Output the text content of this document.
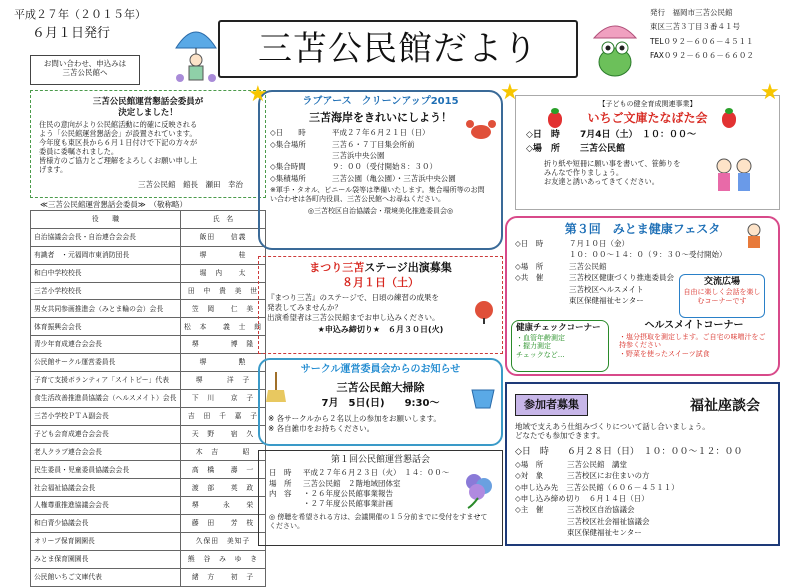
平成２７年（２０１５年）
６月１日発行
お問い合わせ、申込みは
三苫公民館へ
三苫公民館だより
発行　福岡市三苫公民館
東区三苫３丁目３番４１号
TEL０９２－６０６－４５１１
FAX０９２－６０６－６６０２
三苫公民館運営懇話会委員が
決定しました！

住民の意向がより公民館活動に的確に反映される

よう「公民館運営懇話会」が設置されています。

今年度も東区長から６月１日付けで下記の方々が

委員に委嘱されました。

皆様方のご協力とご理解をよろしくお願い申し上

げます。

三苫公民館　館長　瀬田　幸治
≪三苫公民館運営懇話会委員≫　（敬称略）
役　　職	氏　名
自治協議会会長・自治連合会会長	飯田　　信義
有識者　・元福岡市東消防団長	堺　　　　桂
和白中学校校長	堀　内　　太
三苫小学校校長	田　中　貴　美　世
男女共同参画推進会（みとま輪の会）会長	笠　岡　　仁　美
体育振興会会長	松　本　　義　士　朗
青少年育成連合会会長	堺　　　　博　隆
公民館サークル運営委員長	堺　　　　勲
子育て支援ボランティア「スイトピー」代表	堺　　　洋　子
食生活改善推進員協議会（ヘルスメイト）会長	下　川　　京　子
三苫小学校ＰＴＡ副会長	吉　田　千　嘉　子
子ども会育成連合会会長	天　野　　宿　久
老人クラブ連合会会長	木　吉　　　昭
民生委員・児童委員協議会会長	高　橋　　壽　一
社会福祉協議会会長	渡　部　　英　政
人権尊重推進協議会会長	堺　　　永　　栄
和白青少協議会長	藤　田　　芳　枝
オリーブ保育園園長	久保田　美知子
みとま保育園園長	熊　谷　み　ゆ　き
公民館いちご文庫代表	緒　方　　初　子
ラブアース　クリーンアップ2015
三苫海岸をきれいにしよう！
◇日　　時	平成２７年６月２１日（日）
◇集合場所	三苫６・７丁目集会所前
三苫浜中央公園
◇集合時間	９：００（受付開始８：３０）
◇集積場所	三苫公園（亀公園）・三苫浜中央公園
※軍手・タオル、ビニール袋等は準備いたします。集合場所等のお問い合わせは各町内役員、三苫公民館へお尋ねください。
◎三苫校区自治協議会・環境美化推進委員会◎
★
まつり三苫ステージ出演募集
８月１日（土）

『まつり三苫』のステージで、日頃の練習の成果を

発表してみませんか？

出演希望者は三苫公民館までお申し込みください。

★申込み締切り★　６月３０日(火)
サークル運営委員会からのお知らせ
三苫公民館大掃除
7月　5日(日)　　9:30～

※ 各サークルから２名以上の参加をお願いします。

※ 各自雑巾をお持ちください。

第１回公民館運営懇話会
日　時	平成２７年６月２３日（火）　１４：００～
場　所	三苫公民館　２階地域団体室
内　容	・２６年度公民館事業報告
・２７年度公民館事業計画
◎ 傍聴を希望される方は、会議開催の１５分前までに受付をすませてください。
【子どもの健全育成関連事業】
いちご文庫たなばた会
◇日　時	7月4日（土）　１０：００～
◇場　所	三苫公民館

折り紙や短冊に願い事を書いて、笹飾りを

みんなで作りましょう。

お友達と誘いあってきてください。

★	★
第３回　みとま健康フェスタ
◇日　時	７月１０日（金）
１０：００～１４：０（９：３０～受付開始）
◇場　所	三苫公民館
◇共　催	三苫校区健康づくり推進委員会
三苫校区ヘルスメイト
東区保健福祉センター
交流広場
自由に楽しく会話を楽しむコーナーです
健康チェックコーナー
・血管年齢測定
・握力測定
チェックなど…
ヘルスメイトコーナー
・塩分摂取を測定します。ご自宅の味噌汁をご持参ください
・野菜を使ったスイーツ試食
参加者募集	福祉座談会

地域で支えあう仕組みづくりについて話し合いましょう。

どなたでも参加できます。

◇日　時	６月２８日（日）　１０：００～１２：００
◇場　所	三苫公民館　講堂
◇対　象	三苫校区にお住まいの方
◇申し込み先 三苫公民館（６０６－４５１１）
◇申し込み締め切り ６月１４日（日）
◇主　催	三苫校区自治協議会
三苫校区社会福祉協議会
東区保健福祉センター
